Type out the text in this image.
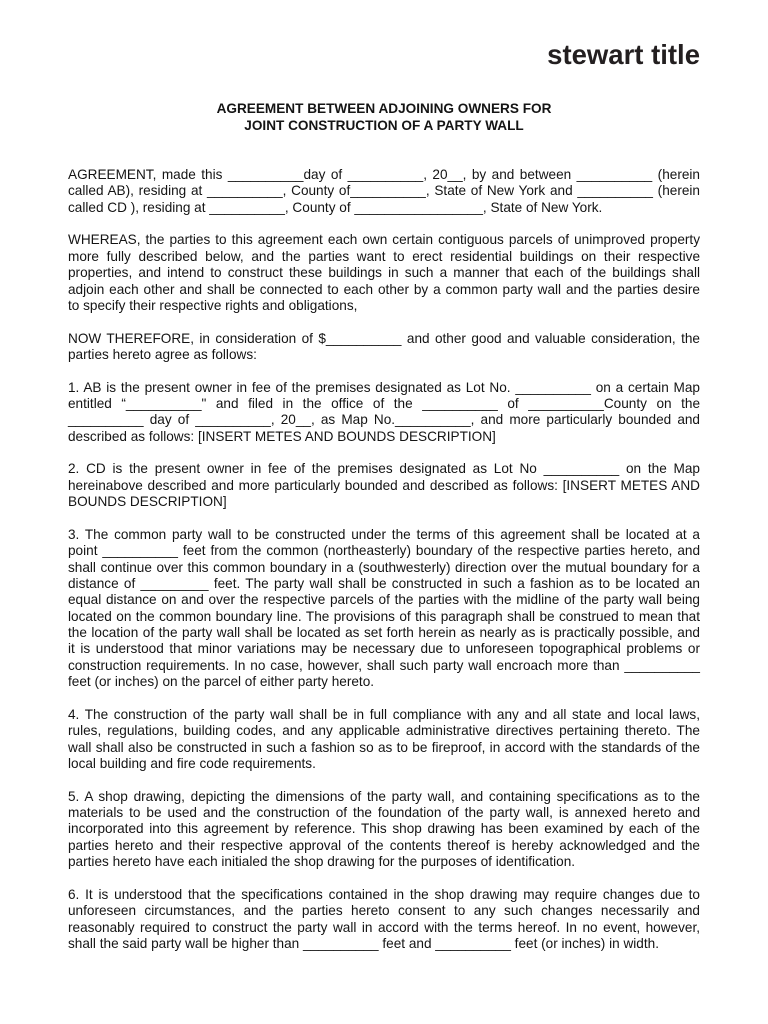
stewart title
AGREEMENT BETWEEN ADJOINING OWNERS FOR
JOINT CONSTRUCTION OF A PARTY WALL
AGREEMENT, made this __________day of __________, 20__, by and between __________ (herein
called AB), residing at __________, County of__________, State of New York and __________ (herein
called CD ), residing at __________, County of _________________, State of New York.
WHEREAS, the parties to this agreement each own certain contiguous parcels of unimproved property
more fully described below, and the parties want to erect residential buildings on their respective
properties, and intend to construct these buildings in such a manner that each of the buildings shall
adjoin each other and shall be connected to each other by a common party wall and the parties desire
to specify their respective rights and obligations,
NOW THEREFORE, in consideration of $__________ and other good and valuable consideration, the
parties hereto agree as follows:
1. AB is the present owner in fee of the premises designated as Lot No. __________ on a certain Map
entitled “__________" and filed in the office of the __________ of __________County on the
__________ day of __________, 20__, as Map No.__________, and more particularly bounded and
described as follows: [INSERT METES AND BOUNDS DESCRIPTION]
2. CD is the present owner in fee of the premises designated as Lot No __________ on the Map
hereinabove described and more particularly bounded and described as follows: [INSERT METES AND
BOUNDS DESCRIPTION]
3. The common party wall to be constructed under the terms of this agreement shall be located at a
point __________ feet from the common (northeasterly) boundary of the respective parties hereto, and
shall continue over this common boundary in a (southwesterly) direction over the mutual boundary for a
distance of _________ feet. The party wall shall be constructed in such a fashion as to be located an
equal distance on and over the respective parcels of the parties with the midline of the party wall being
located on the common boundary line. The provisions of this paragraph shall be construed to mean that
the location of the party wall shall be located as set forth herein as nearly as is practically possible, and
it is understood that minor variations may be necessary due to unforeseen topographical problems or
construction requirements. In no case, however, shall such party wall encroach more than __________
feet (or inches) on the parcel of either party hereto.
4. The construction of the party wall shall be in full compliance with any and all state and local laws,
rules, regulations, building codes, and any applicable administrative directives pertaining thereto. The
wall shall also be constructed in such a fashion so as to be fireproof, in accord with the standards of the
local building and fire code requirements.
5. A shop drawing, depicting the dimensions of the party wall, and containing specifications as to the
materials to be used and the construction of the foundation of the party wall, is annexed hereto and
incorporated into this agreement by reference. This shop drawing has been examined by each of the
parties hereto and their respective approval of the contents thereof is hereby acknowledged and the
parties hereto have each initialed the shop drawing for the purposes of identification.
6. It is understood that the specifications contained in the shop drawing may require changes due to
unforeseen circumstances, and the parties hereto consent to any such changes necessarily and
reasonably required to construct the party wall in accord with the terms hereof. In no event, however,
shall the said party wall be higher than __________ feet and __________ feet (or inches) in width.
